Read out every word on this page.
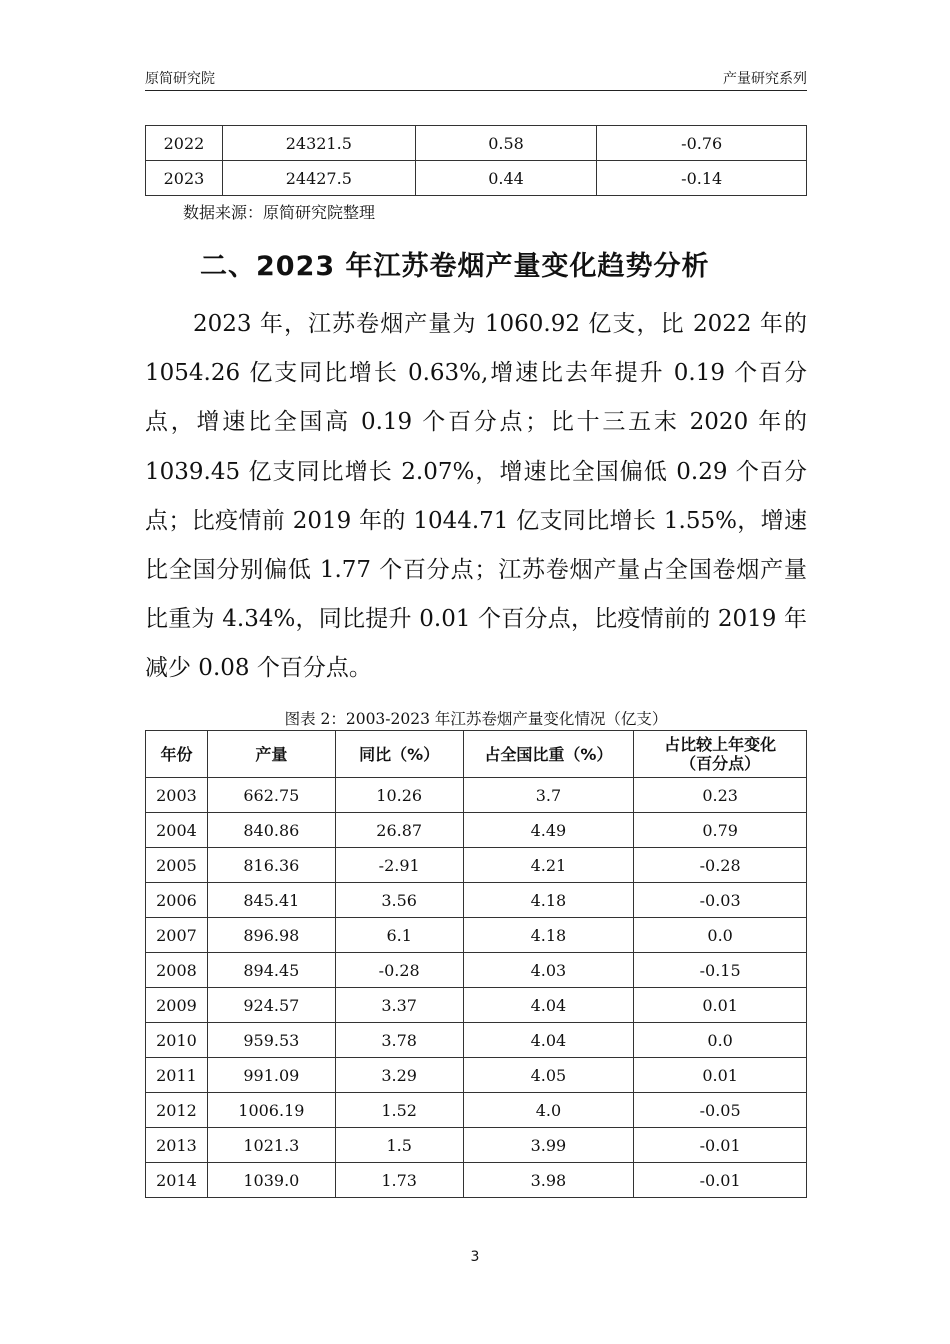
原简研究院	产量研究系列
2022	24321.5	0.58	-0.76
2023	24427.5	0.44	-0.14
数据来源：原简研究院整理
二、2023 年江苏卷烟产量变化趋势分析

2023 年，江苏卷烟产量为 1060.92 亿支，比 2022 年的 1054.26 亿支同比增长 0.63%,增速比去年提升 0.19 个百分点，增速比全国高 0.19 个百分点；比十三五末 2020 年的 1039.45 亿支同比增长 2.07%，增速比全国偏低 0.29 个百分点；比疫情前 2019 年的 1044.71 亿支同比增长 1.55%，增速比全国分别偏低 1.77 个百分点；江苏卷烟产量占全国卷烟产量比重为 4.34%，同比提升 0.01 个百分点，比疫情前的 2019 年减少 0.08 个百分点。

图表 2：2003-2023 年江苏卷烟产量变化情况（亿支）
年份	产量	同比（%）	占全国比重（%）	占比较上年变化
（百分点）
2003	662.75	10.26	3.7	0.23
2004	840.86	26.87	4.49	0.79
2005	816.36	-2.91	4.21	-0.28
2006	845.41	3.56	4.18	-0.03
2007	896.98	6.1	4.18	0.0
2008	894.45	-0.28	4.03	-0.15
2009	924.57	3.37	4.04	0.01
2010	959.53	3.78	4.04	0.0
2011	991.09	3.29	4.05	0.01
2012	1006.19	1.52	4.0	-0.05
2013	1021.3	1.5	3.99	-0.01
2014	1039.0	1.73	3.98	-0.01
3
